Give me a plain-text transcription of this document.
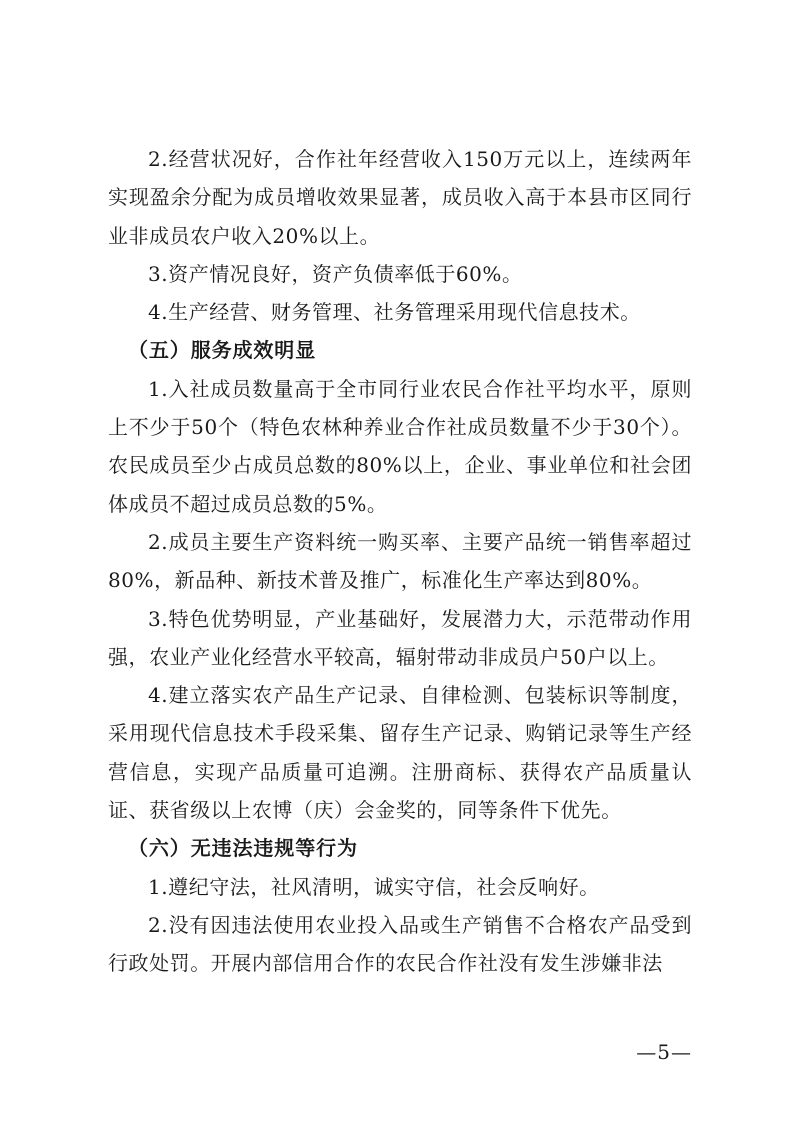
2.经营状况好，合作社年经营收入150万元以上，连续两年实现盈余分配为成员增收效果显著，成员收入高于本县市区同行业非成员农户收入20%以上。

3.资产情况良好，资产负债率低于60%。

4.生产经营、财务管理、社务管理采用现代信息技术。

（五）服务成效明显

1.入社成员数量高于全市同行业农民合作社平均水平，原则上不少于50个（特色农林种养业合作社成员数量不少于30个）。农民成员至少占成员总数的80%以上，企业、事业单位和社会团体成员不超过成员总数的5%。

2.成员主要生产资料统一购买率、主要产品统一销售率超过80%，新品种、新技术普及推广，标准化生产率达到80%。

3.特色优势明显，产业基础好，发展潜力大，示范带动作用强，农业产业化经营水平较高，辐射带动非成员户50户以上。

4.建立落实农产品生产记录、自律检测、包装标识等制度，采用现代信息技术手段采集、留存生产记录、购销记录等生产经营信息，实现产品质量可追溯。注册商标、获得农产品质量认证、获省级以上农博（庆）会金奖的，同等条件下优先。

（六）无违法违规等行为

1.遵纪守法，社风清明，诚实守信，社会反响好。

2.没有因违法使用农业投入品或生产销售不合格农产品受到行政处罚。开展内部信用合作的农民合作社没有发生涉嫌非法

—5—
